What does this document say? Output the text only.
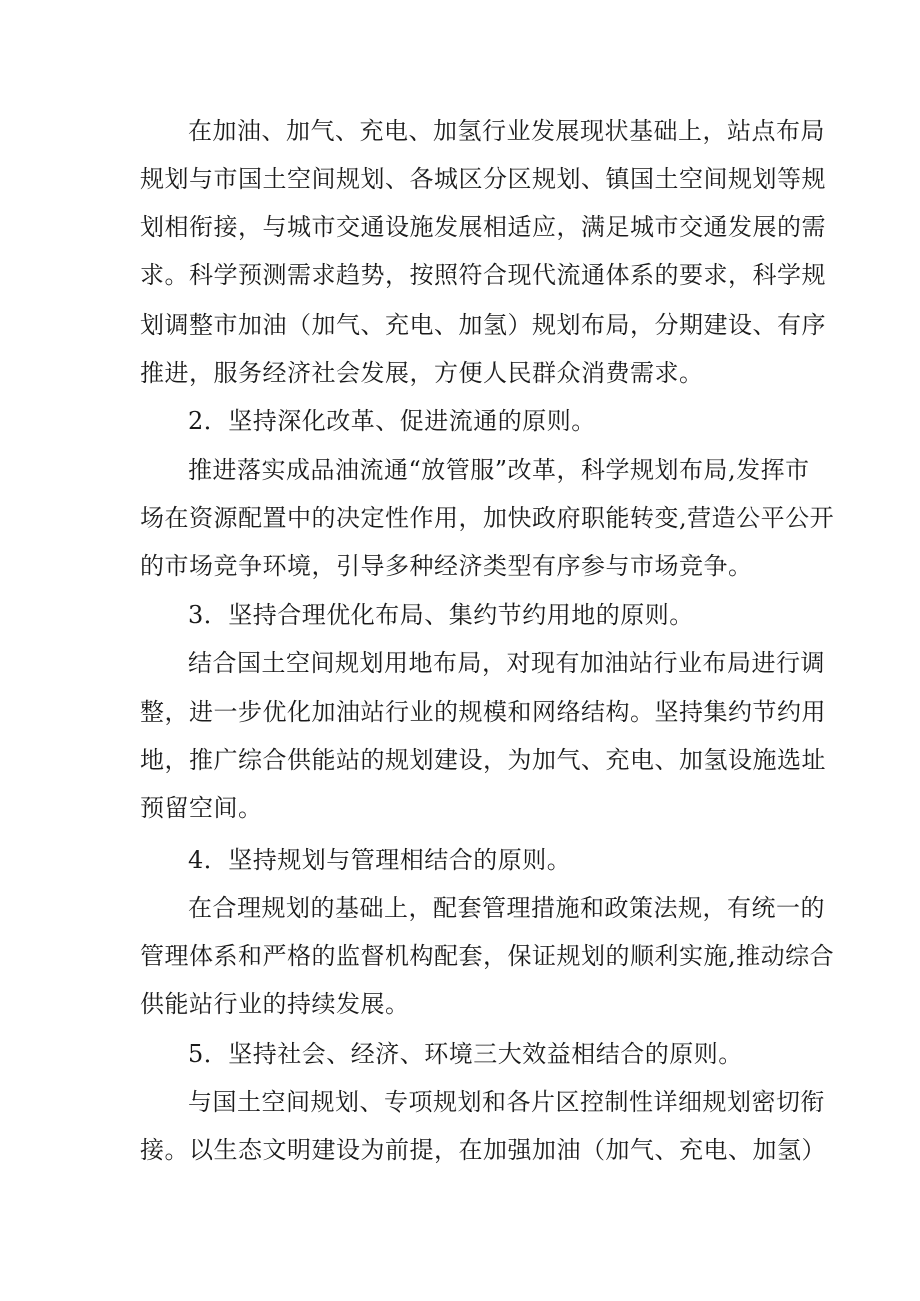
在加油、加气、充电、加氢行业发展现状基础上，站点布局
规划与市国土空间规划、各城区分区规划、镇国土空间规划等规
划相衔接，与城市交通设施发展相适应，满足城市交通发展的需
求。科学预测需求趋势，按照符合现代流通体系的要求，科学规
划调整市加油（加气、充电、加氢）规划布局，分期建设、有序
推进，服务经济社会发展，方便人民群众消费需求。
2．坚持深化改革、促进流通的原则。
推进落实成品油流通“放管服”改革，科学规划布局,发挥市
场在资源配置中的决定性作用，加快政府职能转变,营造公平公开
的市场竞争环境，引导多种经济类型有序参与市场竞争。
3．坚持合理优化布局、集约节约用地的原则。
结合国土空间规划用地布局，对现有加油站行业布局进行调
整，进一步优化加油站行业的规模和网络结构。坚持集约节约用
地，推广综合供能站的规划建设，为加气、充电、加氢设施选址
预留空间。
4．坚持规划与管理相结合的原则。
在合理规划的基础上，配套管理措施和政策法规，有统一的
管理体系和严格的监督机构配套，保证规划的顺利实施,推动综合
供能站行业的持续发展。
5．坚持社会、经济、环境三大效益相结合的原则。
与国土空间规划、专项规划和各片区控制性详细规划密切衔
接。以生态文明建设为前提，在加强加油（加气、充电、加氢）
